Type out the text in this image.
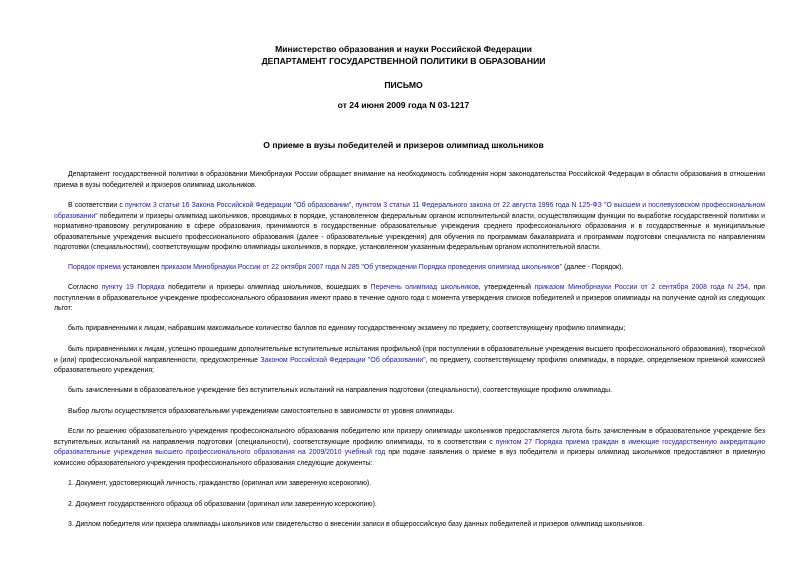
Министерство образования и науки Российской Федерации
ДЕПАРТАМЕНТ ГОСУДАРСТВЕННОЙ ПОЛИТИКИ В ОБРАЗОВАНИИ
ПИСЬМО
от 24 июня 2009 года N 03-1217
О приеме в вузы победителей и призеров олимпиад школьников

Департамент государственной политики в образовании Минобрнауки России обращает внимание на необходимость соблюдения норм законодательства Российской Федерации в области образования в отношении приема в вузы победителей и призеров олимпиад школьников.

В соответствии с пунктом 3 статьи 16 Закона Российской Федерации "Об образовании", пунктом 3 статьи 11 Федерального закона от 22 августа 1996 года N 125-ФЗ "О высшем и послевузовском профессиональном образовании" победители и призеры олимпиад школьников, проводимых в порядке, установленном федеральным органом исполнительной власти, осуществляющим функции по выработке государственной политики и нормативно-правовому регулированию в сфере образования, принимаются в государственные образовательные учреждения среднего профессионального образования и в государственные и муниципальные образовательные учреждения высшего профессионального образования (далее - образовательные учреждения) для обучения по программам бакалавриата и программам подготовки специалиста по направлениям подготовки (специальностям), соответствующим профилю олимпиады школьников, в порядке, установленном указанным федеральным органом исполнительной власти.

Порядок приема установлен приказом Минобрнауки России от 22 октября 2007 года N 285 "Об утверждении Порядка проведения олимпиад школьников" (далее - Порядок).

Согласно пункту 19 Порядка победители и призеры олимпиад школьников, вошедших в Перечень олимпиад школьников, утвержденный приказом Минобрнауки России от 2 сентября 2008 года N 254, при поступлении в образовательное учреждение профессионального образования имеют право в течение одного года с момента утверждения списков победителей и призеров олимпиады на получение одной из следующих льгот:

быть приравненными к лицам, набравшим максимальное количество баллов по единому государственному экзамену по предмету, соответствующему профилю олимпиады;

быть приравненными к лицам, успешно прошедшим дополнительные вступительные испытания профильной (при поступлении в образовательные учреждения высшего профессионального образования), творческой и (или) профессиональной направленности, предусмотренные Законом Российской Федерации "Об образовании", по предмету, соответствующему профилю олимпиады, в порядке, определяемом приемной комиссией образовательного учреждения;

быть зачисленными в образовательное учреждение без вступительных испытаний на направления подготовки (специальности), соответствующие профилю олимпиады.

Выбор льготы осуществляется образовательными учреждениями самостоятельно в зависимости от уровня олимпиады.

Если по решению образовательного учреждения профессионального образования победителю или призеру олимпиады школьников предоставляется льгота быть зачисленным в образовательное учреждение без вступительных испытаний на направления подготовки (специальности), соответствующие профилю олимпиады, то в соответствии с пунктом 27 Порядка приема граждан в имеющие государственную аккредитацию образовательные учреждения высшего профессионального образования на 2009/2010 учебный год при подаче заявления о приеме в вуз победители и призеры олимпиад школьников предоставляют в приемную комиссию образовательного учреждения профессионального образования следующие документы:

1. Документ, удостоверяющий личность, гражданство (оригинал или заверенную ксерокопию).

2. Документ государственного образца об образовании (оригинал или заверенную ксерокопию).

3. Диплом победителя или призера олимпиады школьников или свидетельство о внесении записи в общероссийскую базу данных победителей и призеров олимпиад школьников.
